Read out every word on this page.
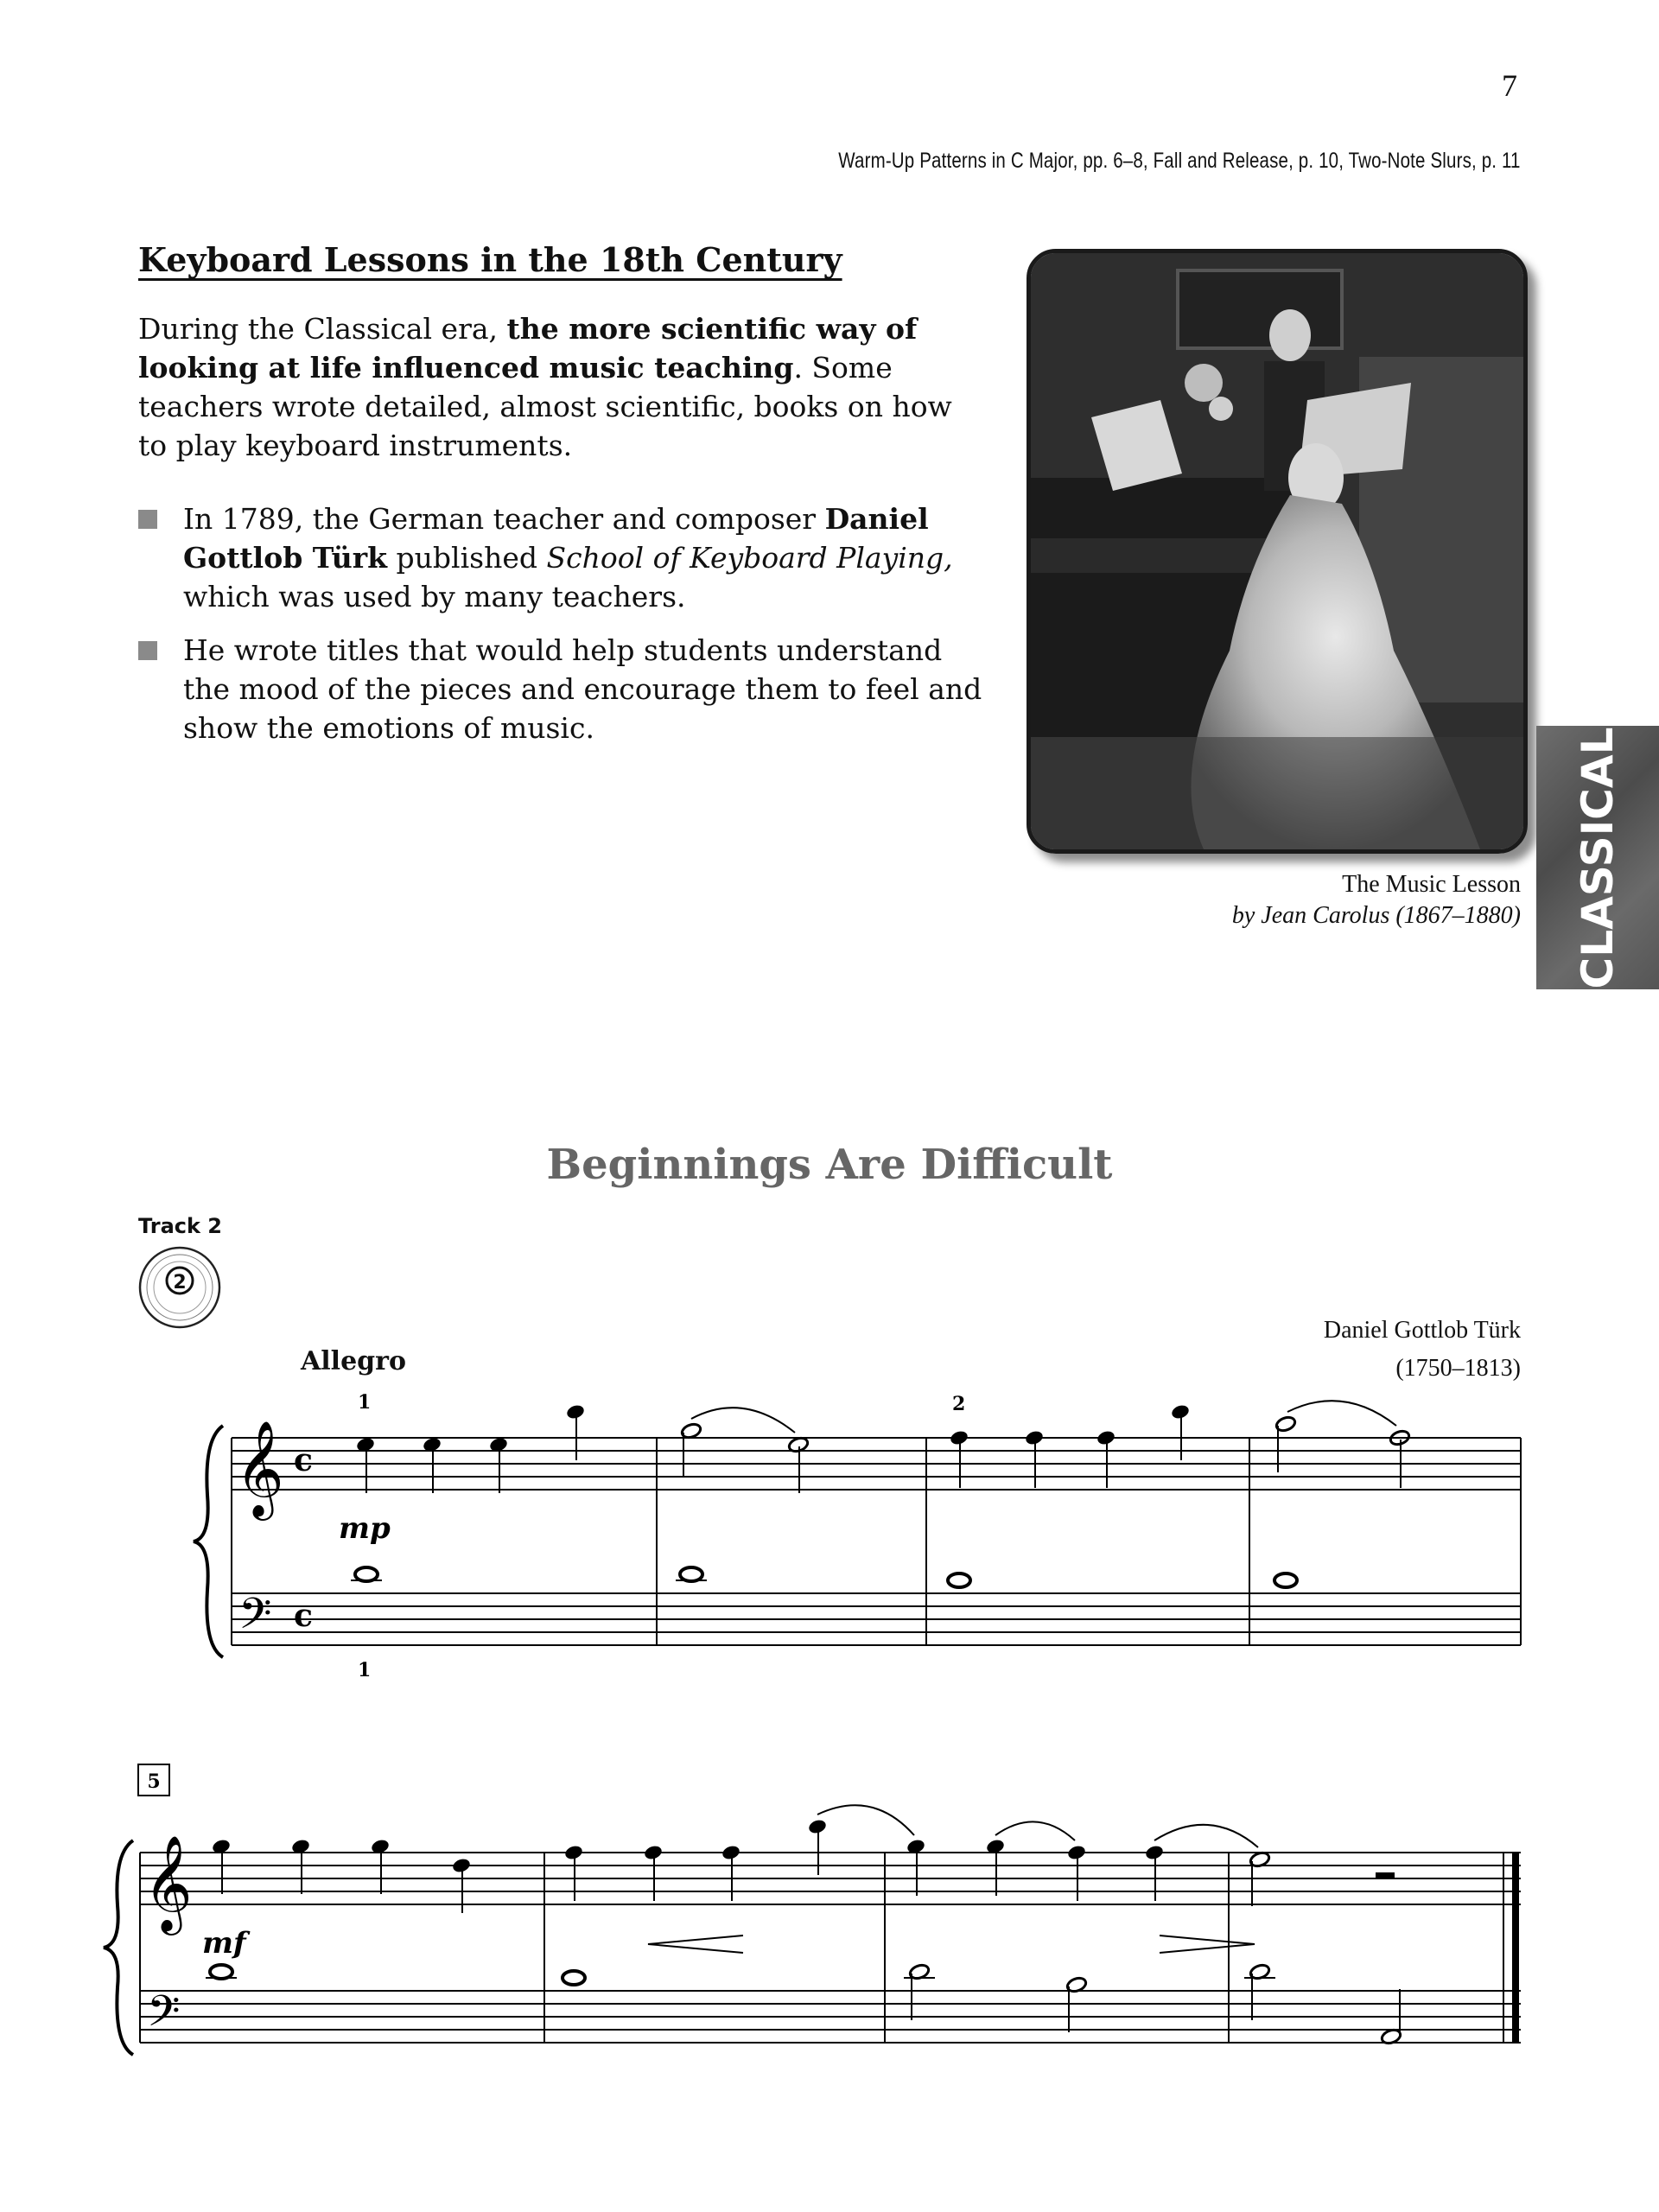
7
Warm-Up Patterns in C Major, pp. 6–8, Fall and Release, p. 10, Two-Note Slurs, p. 11
Keyboard Lessons in the 18th Century
During the Classical era, the more scientific way of looking at life influenced music teaching. Some teachers wrote detailed, almost scientific, books on how to play keyboard instruments.
In 1789, the German teacher and composer Daniel Gottlob Türk published School of Keyboard Playing, which was used by many teachers.
He wrote titles that would help students understand the mood of the pieces and encourage them to feel and show the emotions of music.
The Music Lesson
by Jean Carolus (1867–1880) CLASSICAL
Beginnings Are Difficult
Track 2
2
Daniel Gottlob Türk
(1750–1813)
Allegro
𝄞
𝄢
c
c
1	2
1
mp
5
𝄞
𝄢
mf
